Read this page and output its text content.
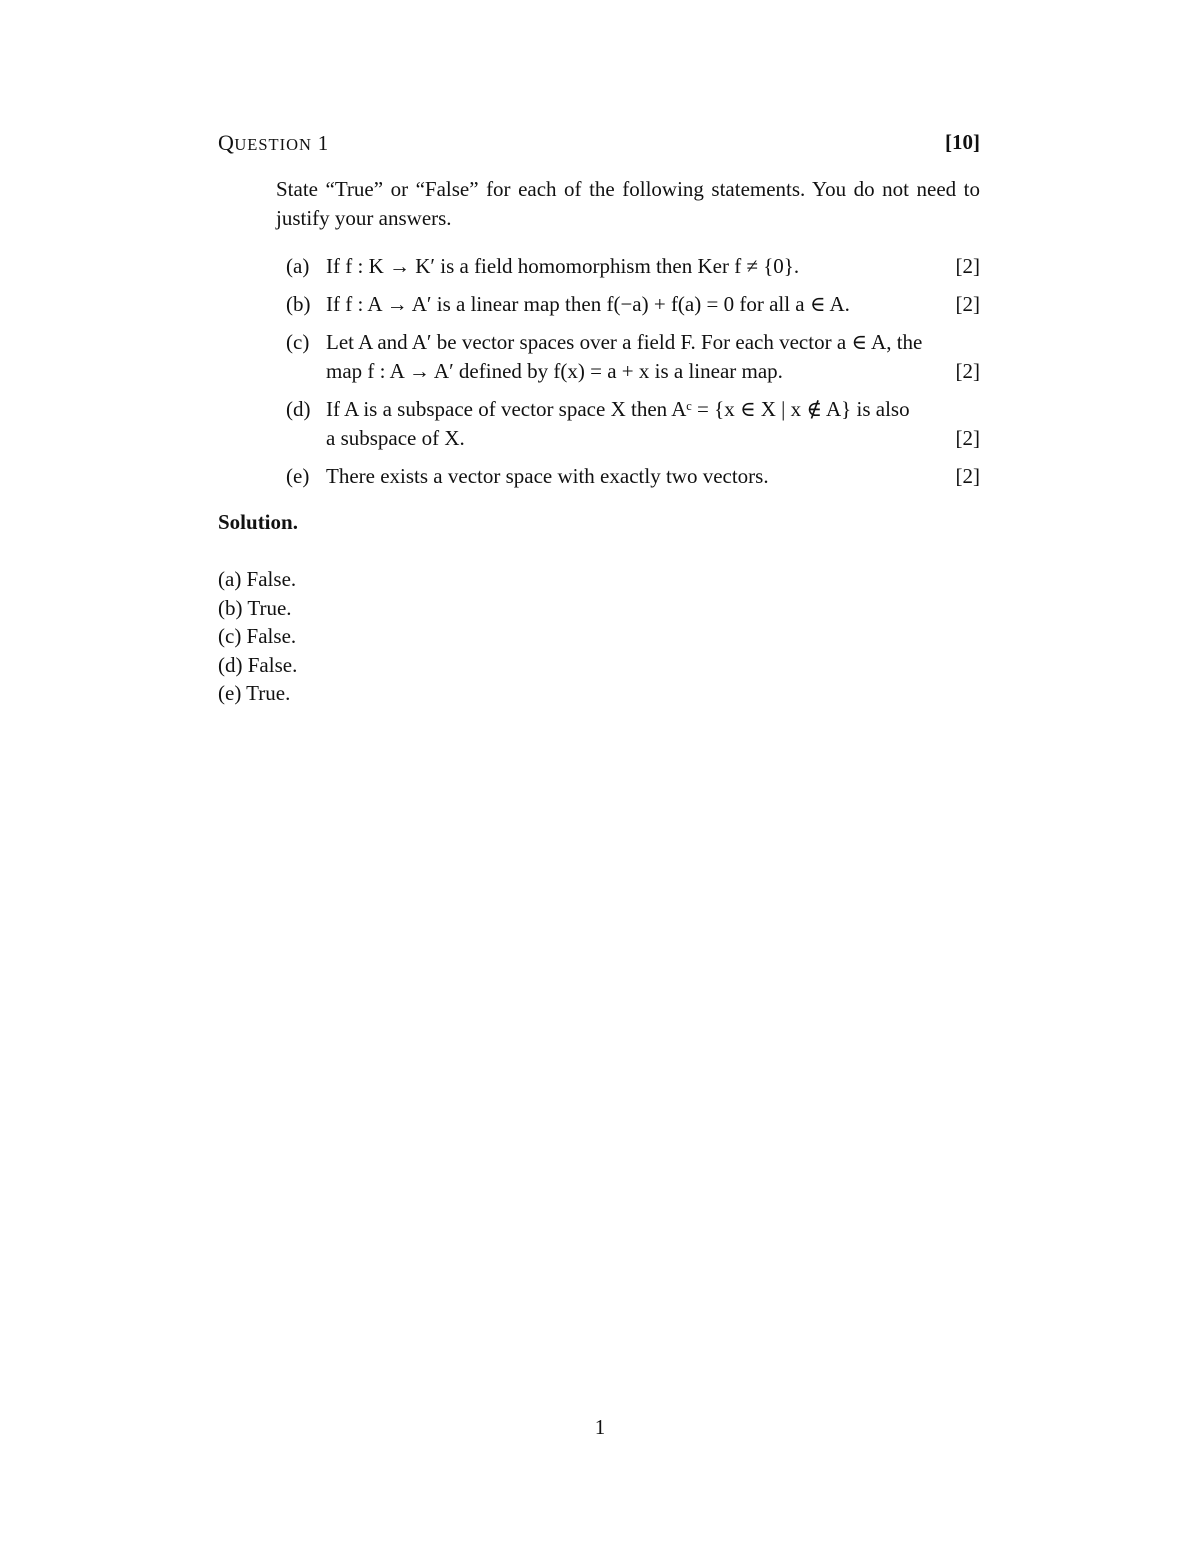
QUESTION 1	[10]
State “True” or “False” for each of the following statements. You do not need to justify your answers.
(a) If f : K → K′ is a field homomorphism then Ker f ≠ {0}.	[2]
(b) If f : A → A′ is a linear map then f(−a) + f(a) = 0 for all a ∈ A.	[2]
(c) Let A and A′ be vector spaces over a field F. For each vector a ∈ A, the
map f : A → A′ defined by f(x) = a + x is a linear map.	[2]
(d) If A is a subspace of vector space X then Aᶜ = {x ∈ X | x ∉ A} is also
a subspace of X.	[2]
(e) There exists a vector space with exactly two vectors.	[2]
Solution.
(a) False.
(b) True.
(c) False.
(d) False.
(e) True.
1
